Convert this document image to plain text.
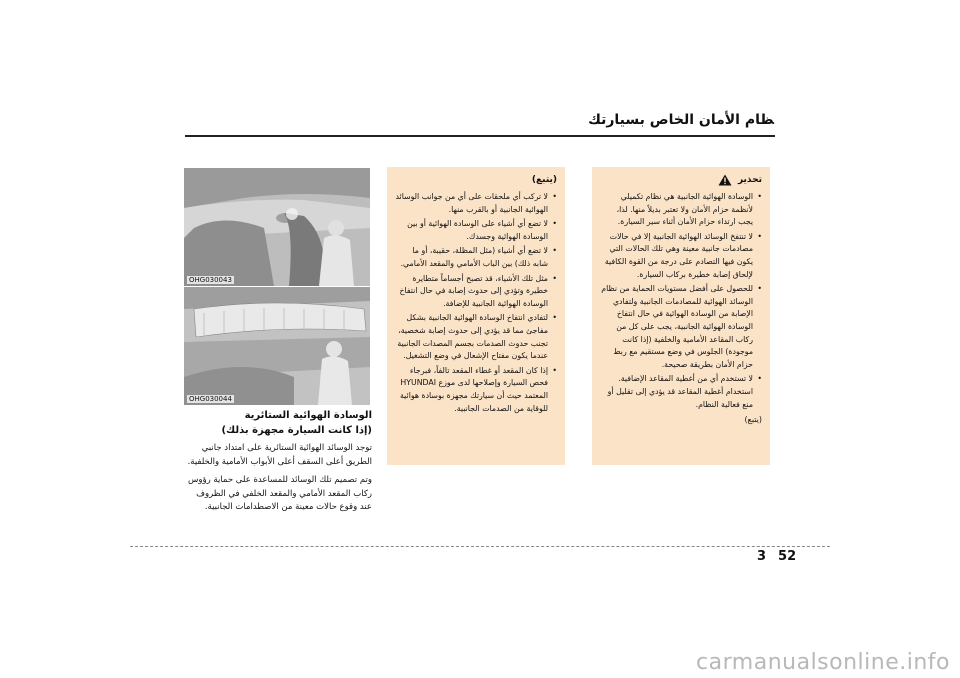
ﻈﺎم اﻷﻣﺎن اﻟﺨﺎص ﺑﺴﻴﺎرﺗﻚ
OHG030043
OHG030044
الوسادة الهوائية الستائرية
(إذا كانت السيارة مجهزة بذلك)

توجد الوسائد الهوائية الستائرية على امتداد جانبي الطريق أعلى السقف أعلى الأبواب الأمامية والخلفية.

وتم تصميم تلك الوسائد للمساعدة على حماية رؤوس ركاب المقعد الأمامي والمقعد الخلفي في الظروف عند وقوع حالات معينة من الاصطدامات الجانبية.

(يتبع)
• لا تركب أي ملحقات على أي من جوانب الوسائد الهوائية الجانبية أو بالقرب منها.
• لا تضع أي أشياء على الوسادة الهوائية أو بين الوسادة الهوائية وجسدك.
• لا تضع أي أشياء (مثل المظلة، حقيبة، أو ما شابه ذلك) بين الباب الأمامي والمقعد الأمامي.
• مثل تلك الأشياء، قد تصبح أجساماً متطايرة خطيرة وتؤدي إلى حدوث إصابة في حال انتفاخ الوسادة الهوائية الجانبية للإضافة.
• لتفادي انتفاخ الوسادة الهوائية الجانبية بشكل مفاجئ مما قد يؤدي إلى حدوث إصابة شخصية، تجنب حدوث الصدمات بجسم المصدات الجانبية عندما يكون مفتاح الإشعال في وضع التشغيل.
• إذا كان المقعد أو غطاء المقعد تالفاً، فبرجاء فحص السيارة وإصلاحها لدى موزع HYUNDAI المعتمد حيث أن سيارتك مجهزة بوسادة هوائية للوقاية من الصدمات الجانبية.
تحذير
• الوسادة الهوائية الجانبية هي نظام تكميلي لأنظمة حزام الأمان ولا تعتبر بديلاً منها. لذا، يجب ارتداء حزام الأمان أثناء سير السيارة.
• لا تنتفخ الوسائد الهوائية الجانبية إلا في حالات مصادمات جانبية معينة وهي تلك الحالات التي يكون فيها التصادم على درجة من القوة الكافية لإلحاق إصابة خطيرة بركاب السيارة.
• للحصول على أفضل مستويات الحماية من نظام الوسائد الهوائية للمصادمات الجانبية ولتفادي الإصابة من الوسادة الهوائية في حال انتفاخ الوسادة الهوائية الجانبية، يجب على كل من ركاب المقاعد الأمامية والخلفية (إذا كانت موجودة) الجلوس في وضع مستقيم مع ربط حزام الأمان بطريقة صحيحة.
• لا تستخدم أي من أغطية المقاعد الإضافية. استخدام أغطية المقاعد قد يؤدي إلى تقليل أو منع فعالية النظام.
(يتبع)
3 52
carmanualsonline.info
